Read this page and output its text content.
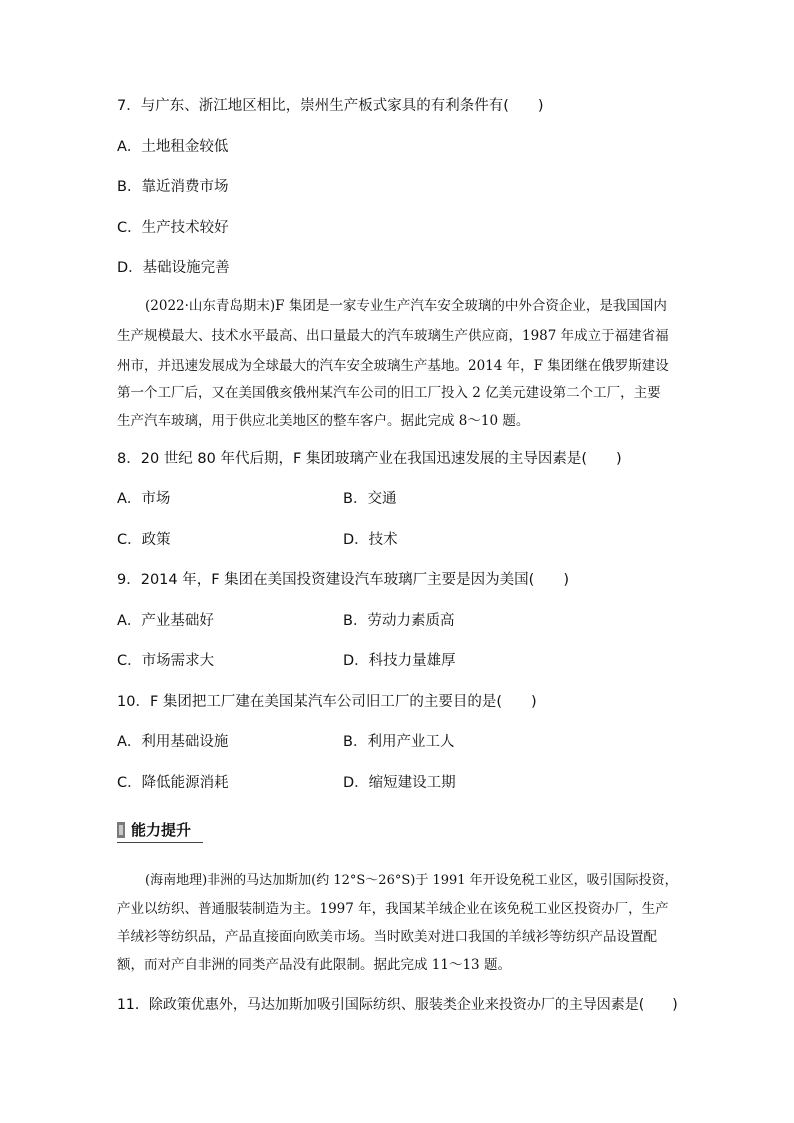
7．与广东、浙江地区相比，崇州生产板式家具的有利条件有(　　)
A．土地租金较低
B．靠近消费市场
C．生产技术较好
D．基础设施完善
(2022·山东青岛期末)F 集团是一家专业生产汽车安全玻璃的中外合资企业，是我国国内
生产规模最大、技术水平最高、出口量最大的汽车玻璃生产供应商，1987 年成立于福建省福
州市，并迅速发展成为全球最大的汽车安全玻璃生产基地。2014 年，F 集团继在俄罗斯建设
第一个工厂后，又在美国俄亥俄州某汽车公司的旧工厂投入 2 亿美元建设第二个工厂，主要
生产汽车玻璃，用于供应北美地区的整车客户。据此完成 8～10 题。
8．20 世纪 80 年代后期，F 集团玻璃产业在我国迅速发展的主导因素是(　　)
A．市场	B．交通
C．政策	D．技术
9．2014 年，F 集团在美国投资建设汽车玻璃厂主要是因为美国(　　)
A．产业基础好	B．劳动力素质高
C．市场需求大	D．科技力量雄厚
10．F 集团把工厂建在美国某汽车公司旧工厂的主要目的是(　　)
A．利用基础设施	B．利用产业工人
C．降低能源消耗	D．缩短建设工期
能力提升
(海南地理)非洲的马达加斯加(约 12°S～26°S)于 1991 年开设免税工业区，吸引国际投资，
产业以纺织、普通服装制造为主。1997 年，我国某羊绒企业在该免税工业区投资办厂，生产
羊绒衫等纺织品，产品直接面向欧美市场。当时欧美对进口我国的羊绒衫等纺织产品设置配
额，而对产自非洲的同类产品没有此限制。据此完成 11～13 题。
11．除政策优惠外，马达加斯加吸引国际纺织、服装类企业来投资办厂的主导因素是(　　)
